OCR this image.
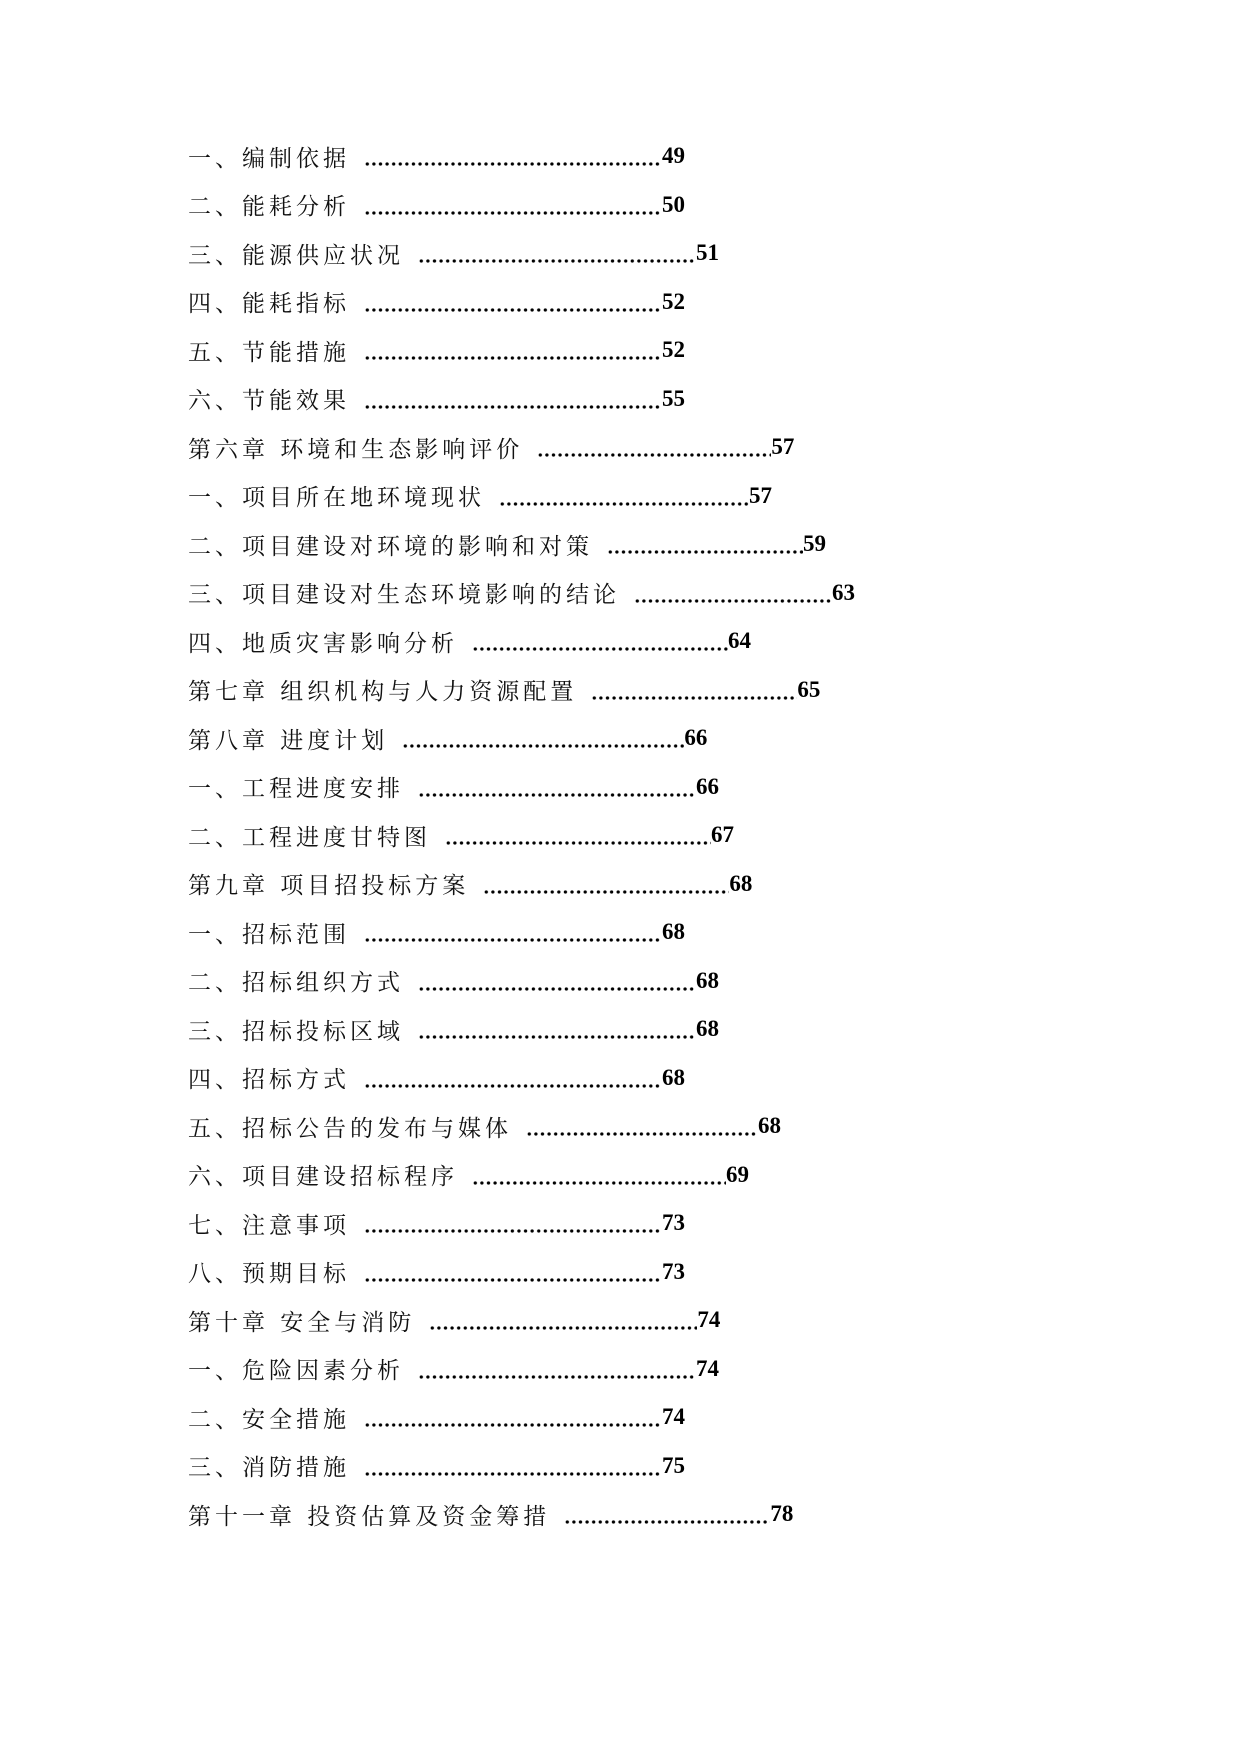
一、编制依据	49
二、能耗分析	50
三、能源供应状况	51
四、能耗指标	52
五、节能措施	52
六、节能效果	55
第六章 环境和生态影响评价	57
一、项目所在地环境现状	57
二、项目建设对环境的影响和对策	59
三、项目建设对生态环境影响的结论	63
四、地质灾害影响分析	64
第七章 组织机构与人力资源配置	65
第八章 进度计划	66
一、工程进度安排	66
二、工程进度甘特图	67
第九章 项目招投标方案	68
一、招标范围	68
二、招标组织方式	68
三、招标投标区域	68
四、招标方式	68
五、招标公告的发布与媒体	68
六、项目建设招标程序	69
七、注意事项	73
八、预期目标	73
第十章 安全与消防	74
一、危险因素分析	74
二、安全措施	74
三、消防措施	75
第十一章 投资估算及资金筹措	78
